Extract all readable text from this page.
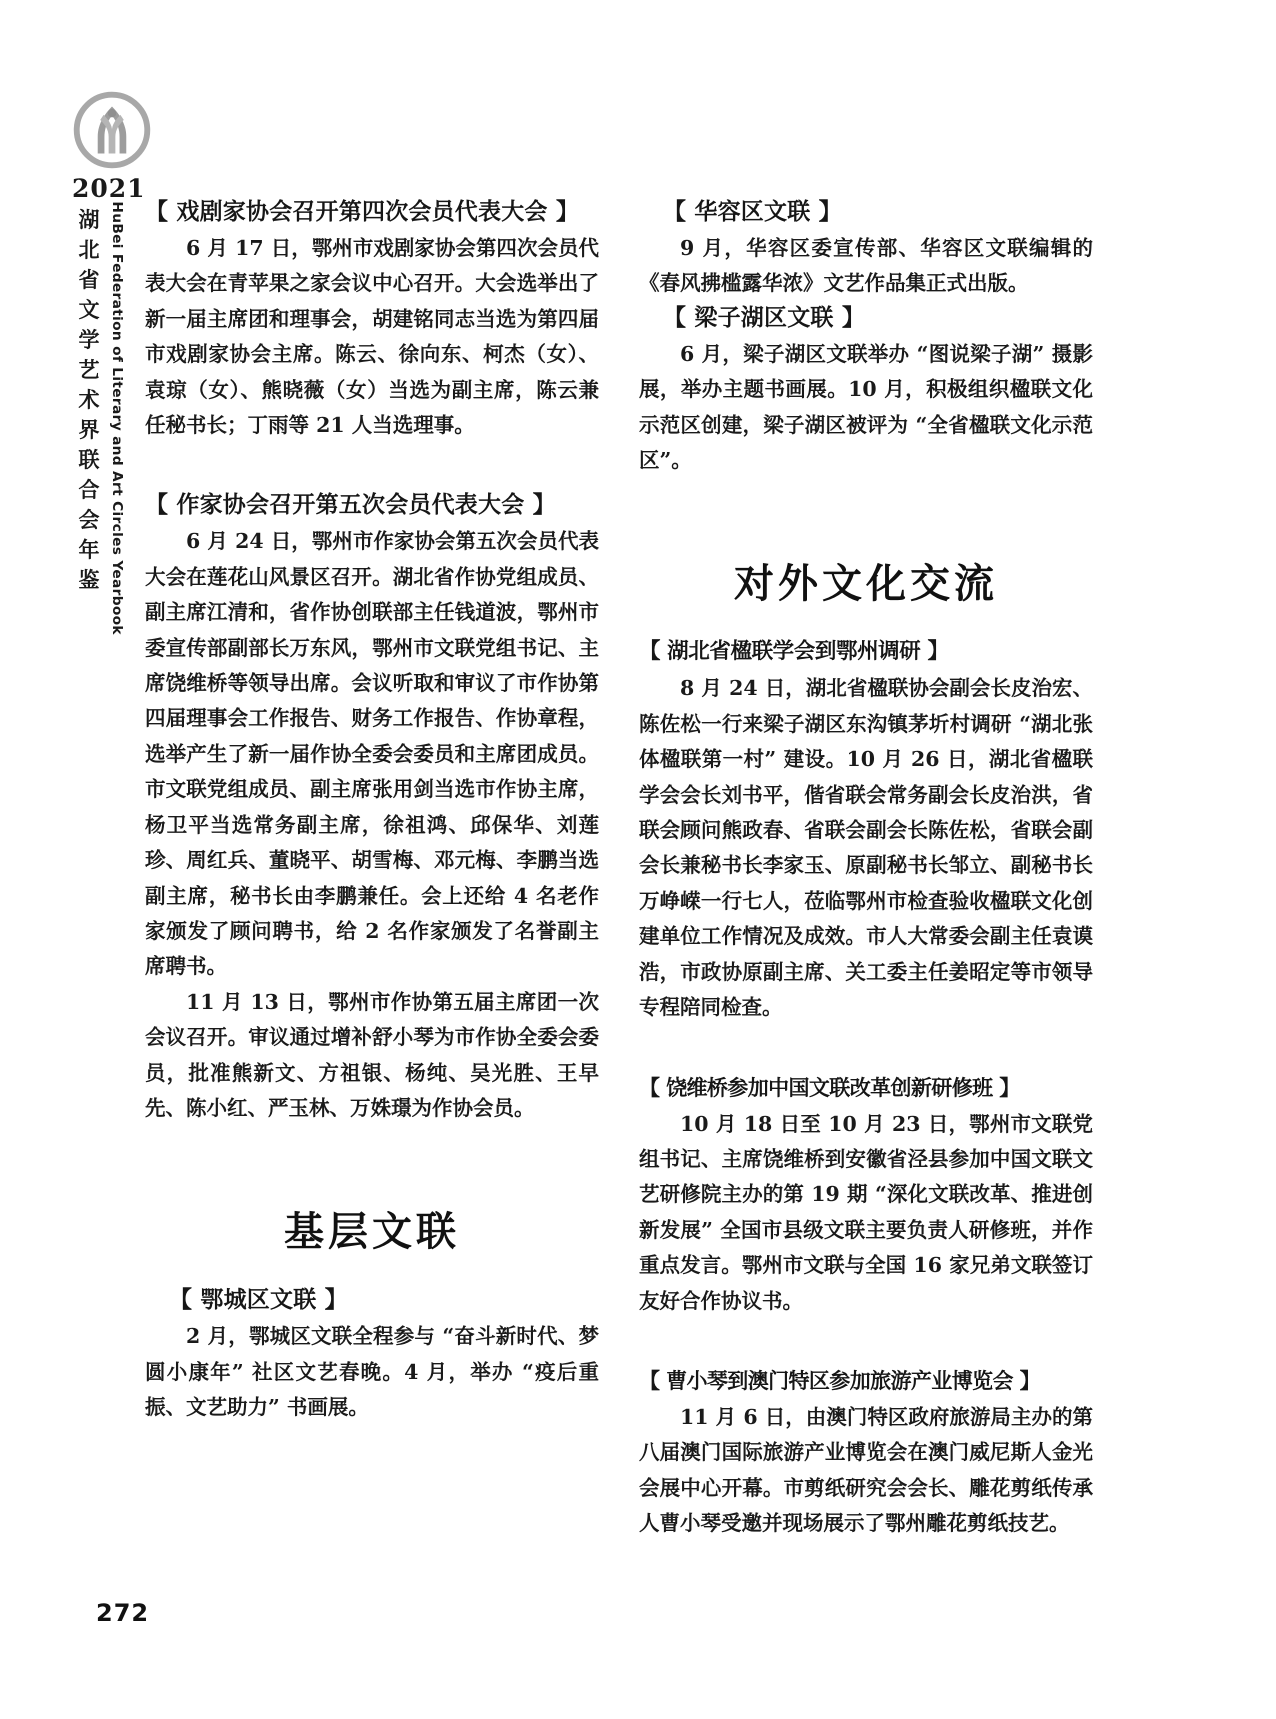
2021
湖北省文学艺术界联合会年鉴 HuBei Federation of Literary and Art Circles Yearbook 【 戏剧家协会召开第四次会员代表大会 】

6 月 17 日，鄂州市戏剧家协会第四次会员代表大会在青苹果之家会议中心召开。大会选举出了新一届主席团和理事会，胡建铭同志当选为第四届市戏剧家协会主席。陈云、徐向东、柯杰（女）、袁琼（女）、熊晓薇（女）当选为副主席，陈云兼任秘书长；丁雨等 21 人当选理事。

【 作家协会召开第五次会员代表大会 】

6 月 24 日，鄂州市作家协会第五次会员代表大会在莲花山风景区召开。湖北省作协党组成员、副主席江清和，省作协创联部主任钱道波，鄂州市委宣传部副部长万东风，鄂州市文联党组书记、主席饶维桥等领导出席。会议听取和审议了市作协第四届理事会工作报告、财务工作报告、作协章程，选举产生了新一届作协全委会委员和主席团成员。市文联党组成员、副主席张用剑当选市作协主席，杨卫平当选常务副主席，徐祖鸿、邱保华、刘莲珍、周红兵、董晓平、胡雪梅、邓元梅、李鹏当选副主席，秘书长由李鹏兼任。会上还给 4 名老作家颁发了顾问聘书，给 2 名作家颁发了名誉副主席聘书。

11 月 13 日，鄂州市作协第五届主席团一次会议召开。审议通过增补舒小琴为市作协全委会委员，批准熊新文、方祖银、杨纯、吴光胜、王早先、陈小红、严玉林、万姝璟为作协会员。

基层文联
【 鄂城区文联 】

2 月，鄂城区文联全程参与 “奋斗新时代、梦圆小康年” 社区文艺春晚。4 月，举办 “疫后重振、文艺助力” 书画展。

【 华容区文联 】

9 月，华容区委宣传部、华容区文联编辑的《春风拂槛露华浓》文艺作品集正式出版。

【 梁子湖区文联 】

6 月，梁子湖区文联举办 “图说梁子湖” 摄影展，举办主题书画展。10 月，积极组织楹联文化示范区创建，梁子湖区被评为 “全省楹联文化示范区”。

对外文化交流
【 湖北省楹联学会到鄂州调研 】

8 月 24 日，湖北省楹联协会副会长皮治宏、陈佐松一行来梁子湖区东沟镇茅圻村调研 “湖北张体楹联第一村” 建设。10 月 26 日，湖北省楹联学会会长刘书平，偕省联会常务副会长皮治洪，省联会顾问熊政春、省联会副会长陈佐松，省联会副会长兼秘书长李家玉、原副秘书长邹立、副秘书长万峥嵘一行七人，莅临鄂州市检查验收楹联文化创建单位工作情况及成效。市人大常委会副主任袁谟浩，市政协原副主席、关工委主任姜昭定等市领导专程陪同检查。

【 饶维桥参加中国文联改革创新研修班 】

10 月 18 日至 10 月 23 日，鄂州市文联党组书记、主席饶维桥到安徽省泾县参加中国文联文艺研修院主办的第 19 期 “深化文联改革、推进创新发展” 全国市县级文联主要负责人研修班，并作重点发言。鄂州市文联与全国 16 家兄弟文联签订友好合作协议书。

【 曹小琴到澳门特区参加旅游产业博览会 】

11 月 6 日，由澳门特区政府旅游局主办的第八届澳门国际旅游产业博览会在澳门威尼斯人金光会展中心开幕。市剪纸研究会会长、雕花剪纸传承人曹小琴受邀并现场展示了鄂州雕花剪纸技艺。

272
